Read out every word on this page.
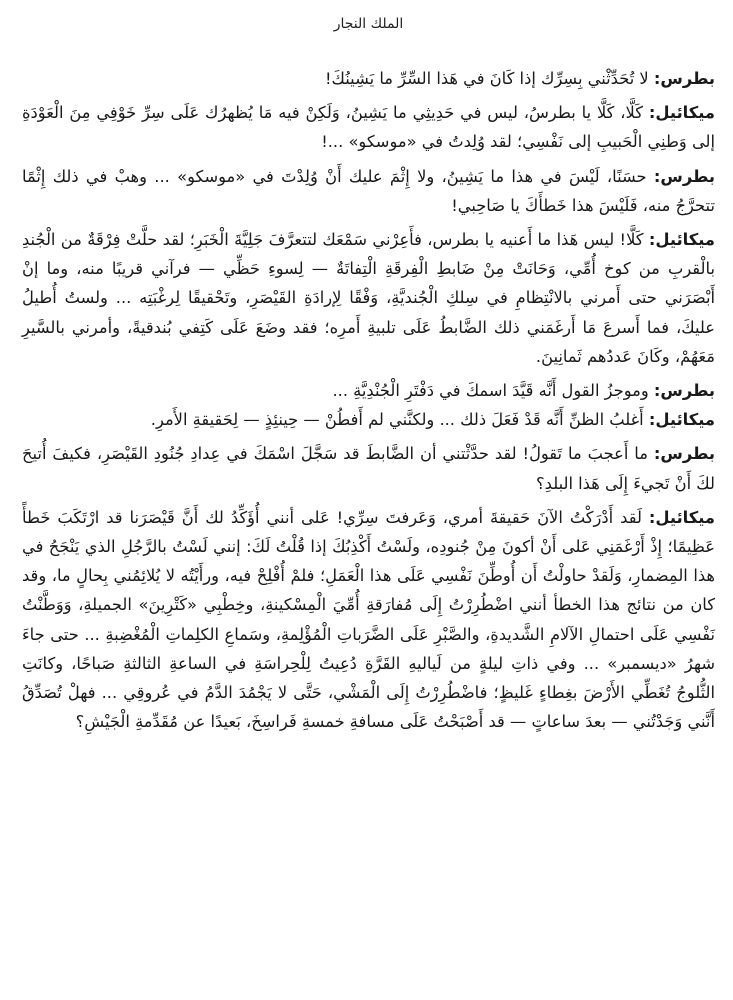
الملك النجار

بطرس: لا تُحَدِّثْني بِسِرِّك إذا كَانَ في هَذا السِّرِّ ما يَشِينُكَ!

ميكائيل: كَلَّا، كَلَّا يا بطرسُ، ليس في حَدِيثِي ما يَشِينُ، وَلَكِنْ فيه مَا يُظهرُك عَلَى سِرِّ خَوْفِي مِنَ الْعَوْدَةِ إلى وَطنِي الْحَبيبِ إلى نَفْسِي؛ لقد وُلِدتُ في «موسكو» ...!

بطرس: حسَنًا، لَيْسَ في هذا ما يَشِينُ، ولا إِثْمَ عليك أَنْ وُلِدْتَ في «موسكو» ... وهبْ في ذلك إِثْمًا تتحرَّجُ منه، فَلَيْسَ هذا خَطأَكَ يا صَاحِبي!

ميكائيل: كَلَّا! ليس هَذا ما أَعنيه يا بطرس، فأَعِرْني سَمْعَك لتتعرَّفَ جَلِيَّةَ الْخَبَرِ؛ لقد حلَّتْ فِرْقَةٌ من الْجُندِ بالْقربِ من كوخ أُمِّي، وَحَانَتْ مِنْ ضَابطِ الْفِرقَةِ الْتِفاتَةٌ — لِسوءِ حَظِّي — فرآني قريبًا منه، وما إنْ أَبْصَرَني حتى أَمرني بالانْتِظامِ في سِلكِ الْجُنديَّةِ، وَفْقًا لِإرادَةِ القَيْصَرِ، وتَحْقيقًا لِرغْبَتِه ... ولستُ أُطيلُ عليكَ، فما أَسرعَ مَا أَرغَمَني ذلك الضَّابطُ عَلَى تلبيةِ أَمرِه؛ فقد وضَعَ عَلَى كَتِفي بُندقيةً، وأمرني بالسَّيرِ مَعَهُمْ، وكَانَ عَددُهم ثَمانِينَ.

بطرس: وموجزُ القول أَنَّه قَيَّدَ اسمكَ في دَفْتَرِ الْجُنْدِيَّةِ ...

ميكائيل: أَغلبُ الظنِّ أَنَّه قَدْ فَعَلَ ذلك ... ولكنَّني لم أَفطُنْ — حِينئِذٍ — لِحَقيقةِ الأَمرِ.

بطرس: ما أَعجبَ ما تَقولُ! لقد حدَّثْتني أن الضَّابطَ قد سَجَّلَ اسْمَكَ في عِدادِ جُنُودِ القَيْصَرِ، فكيفَ أُتيحَ لكَ أَنْ تَجيءَ إِلَى هَذا البلدِ؟

ميكائيل: لَقد أَدْرَكْتُ الآنَ حَقيقةَ أمري، وَعَرفتَ سِرِّي! عَلى أنني أُؤَكِّدُ لك أَنَّ قَيْصَرَنا قد ارْتَكَبَ خَطأً عَظِيمًا؛ إِذْ أَرْغَمَنِي عَلى أَنْ أكونَ مِنْ جُنودِه، ولَسْتُ أَكْذِبُكَ إذا قُلْتُ لَكَ: إنني لَسْتُ بالرَّجُلِ الذي يَنْجَحُ في هذا المِضمارِ، وَلَقدْ حاولْتُ أَن أُوطِّنَ نَفْسِي عَلَى هذا الْعَمَلِ؛ فلمْ أُفْلِحْ فيه، ورأَيْتُه لا يُلائِمُني بِحالٍ ما، وقد كان من نتائج هذا الخطأ أنني اضْطُرِرْتُ إِلَى مُفارَقةِ أُمِّيَ الْمِسْكينةِ، وخِطْبِي «كَتْرِينَ» الجميلةِ، وَوَطَّنْتُ نَفْسِي عَلَى احتمالِ الآلامِ الشَّديدةِ، والصَّبْرِ عَلَى الضَّرَباتِ الْمُؤْلِمةِ، وسَماعِ الكلِماتِ الْمُغْضِبةِ ... حتى جاءَ شهرُ «ديسمبر» ... وفي ذاتِ ليلةٍ من لَياليهِ القَرَّةِ دُعِيتُ لِلْحِراسَةِ في الساعةِ الثالثةِ صَباحًا، وكانَتِ الثُّلوجُ تُغَطِّي الأَرْضَ بغِطاءٍ غَليظٍ؛ فاضْطُرِرْتُ إِلَى الْمَشْي، حَتَّى لا يَجْمُدَ الدَّمُ في عُروقِي ... فهلْ تُصَدِّقُ أَنَّني وَجَدْتُني — بعدَ ساعاتٍ — قد أَصْبَحْتُ عَلَى مسافةِ خمسةِ فَراسِخَ، بَعيدًا عن مُقَدِّمةِ الْجَيْشِ؟
